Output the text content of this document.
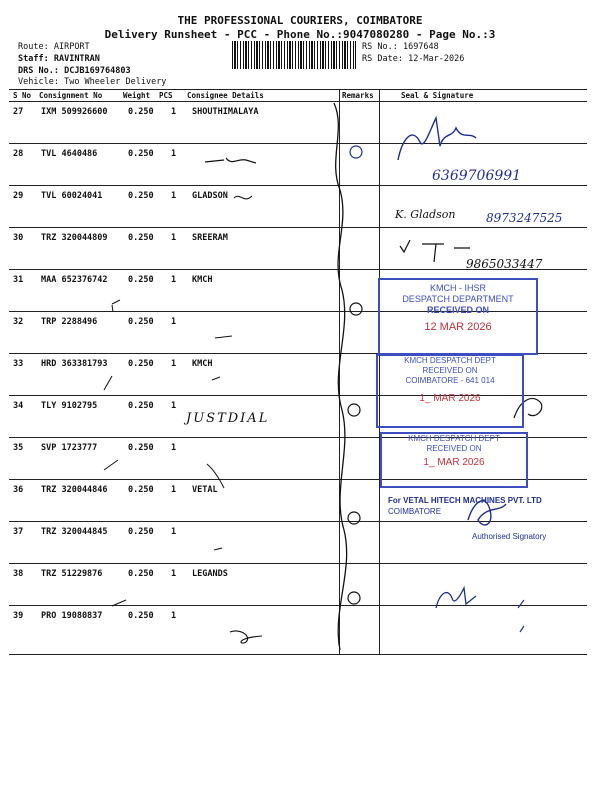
THE PROFESSIONAL COURIERS, COIMBATORE
Delivery Runsheet - PCC - Phone No.:9047080280 - Page No.:3
Route: AIRPORT
Staff: RAVINTRAN
DRS No.: DCJB169764803
Vehicle: Two Wheeler Delivery
RS No.: 1697648
RS Date: 12-Mar-2026
S No Consignment No	Weight PCS Consignee Details	Remarks	Seal & Signature
27 IXM 509926600 0.250 1 SHOUTHIMALAYA
28 TVL 4640486	0.250 1
29 TVL 60024041	0.250 1 GLADSON
30 TRZ 320044809 0.250 1 SREERAM
31 MAA 652376742 0.250 1 KMCH
32 TRP 2288496	0.250 1
33 HRD 363381793 0.250 1 KMCH
34 TLY 9102795	0.250 1
35 SVP 1723777	0.250 1
36 TRZ 320044846 0.250 1 VETAL
37 TRZ 320044845 0.250 1
38 TRZ 51229876	0.250 1 LEGANDS
39 PRO 19080837	0.250 1
6369706991
K. Gladson	8973247525
9865033447
JUSTDIAL
KMCH - IHSR
DESPATCH DEPARTMENT
RECEIVED ON
12 MAR 2026
KMCH DESPATCH DEPT
RECEIVED ON
COIMBATORE - 641 014
1_ MAR 2026
KMCH DESPATCH DEPT
RECEIVED ON
1_ MAR 2026
For VETAL HITECH MACHINES PVT. LTD
COIMBATORE
Authorised Signatory
